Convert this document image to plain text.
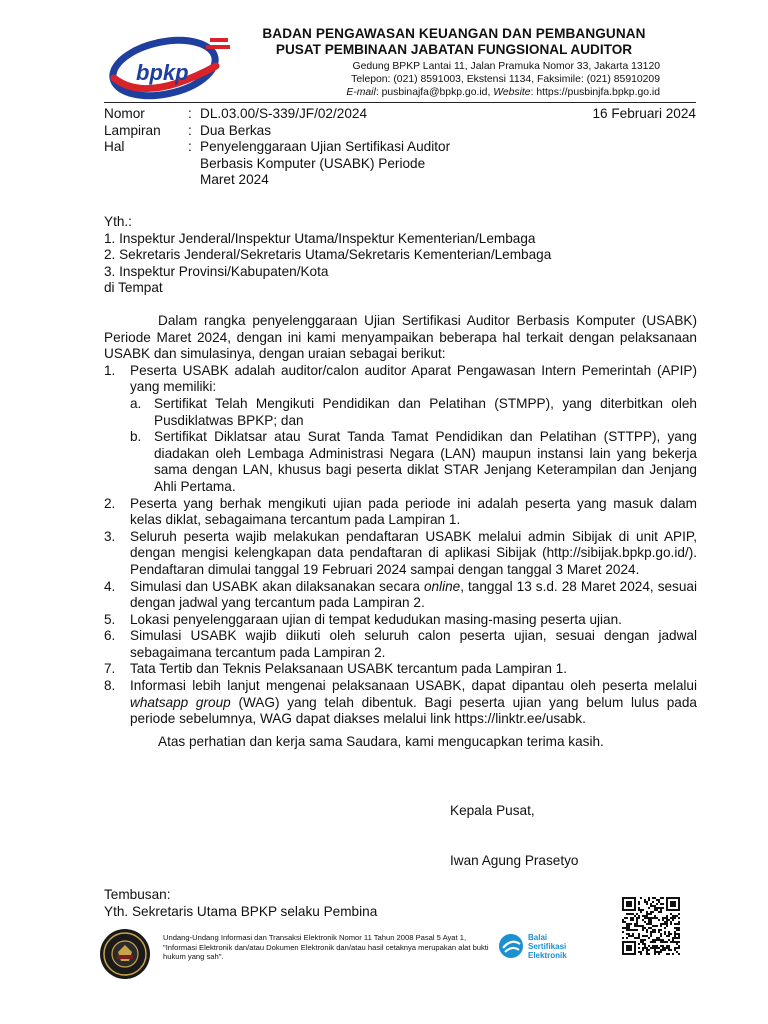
bpkp
BADAN PENGAWASAN KEUANGAN DAN PEMBANGUNAN
PUSAT PEMBINAAN JABATAN FUNGSIONAL AUDITOR
Gedung BPKP Lantai 11, Jalan Pramuka Nomor 33, Jakarta 13120
Telepon: (021) 8591003, Ekstensi 1134, Faksimile: (021) 85910209
E-mail: pusbinajfa@bpkp.go.id, Website: https://pusbinjfa.bpkp.go.id
Nomor	: DL.03.00/S-339/JF/02/2024
Lampiran	: Dua Berkas
Hal	: Penyelenggaraan Ujian Sertifikasi Auditor
Berbasis Komputer (USABK) Periode
Maret 2024
16 Februari 2024
Yth.:
1. Inspektur Jenderal/Inspektur Utama/Inspektur Kementerian/Lembaga
2. Sekretaris Jenderal/Sekretaris Utama/Sekretaris Kementerian/Lembaga
3. Inspektur Provinsi/Kabupaten/Kota
di Tempat
Dalam rangka penyelenggaraan Ujian Sertifikasi Auditor Berbasis Komputer (USABK) Periode Maret 2024, dengan ini kami menyampaikan beberapa hal terkait dengan pelaksanaan USABK dan simulasinya, dengan uraian sebagai berikut:
1.	Peserta USABK adalah auditor/calon auditor Aparat Pengawasan Intern Pemerintah (APIP) yang memiliki:
a. Sertifikat Telah Mengikuti Pendidikan dan Pelatihan (STMPP), yang diterbitkan oleh Pusdiklatwas BPKP; dan
b. Sertifikat Diklatsar atau Surat Tanda Tamat Pendidikan dan Pelatihan (STTPP), yang diadakan oleh Lembaga Administrasi Negara (LAN) maupun instansi lain yang bekerja sama dengan LAN, khusus bagi peserta diklat STAR Jenjang Keterampilan dan Jenjang Ahli Pertama.
2.	Peserta yang berhak mengikuti ujian pada periode ini adalah peserta yang masuk dalam kelas diklat, sebagaimana tercantum pada Lampiran 1.
3.	Seluruh peserta wajib melakukan pendaftaran USABK melalui admin Sibijak di unit APIP, dengan mengisi kelengkapan data pendaftaran di aplikasi Sibijak (http://sibijak.bpkp.go.id/). Pendaftaran dimulai tanggal 19 Februari 2024 sampai dengan tanggal 3 Maret 2024.
4.	Simulasi dan USABK akan dilaksanakan secara online, tanggal 13 s.d. 28 Maret 2024, sesuai dengan jadwal yang tercantum pada Lampiran 2.
5.	Lokasi penyelenggaraan ujian di tempat kedudukan masing-masing peserta ujian.
6.	Simulasi USABK wajib diikuti oleh seluruh calon peserta ujian, sesuai dengan jadwal sebagaimana tercantum pada Lampiran 2.
7.	Tata Tertib dan Teknis Pelaksanaan USABK tercantum pada Lampiran 1.
8.	Informasi lebih lanjut mengenai pelaksanaan USABK, dapat dipantau oleh peserta melalui whatsapp group (WAG) yang telah dibentuk. Bagi peserta ujian yang belum lulus pada periode sebelumnya, WAG dapat diakses melalui link https://linktr.ee/usabk.
Atas perhatian dan kerja sama Saudara, kami mengucapkan terima kasih.
Kepala Pusat,
Iwan Agung Prasetyo
Tembusan:
Yth. Sekretaris Utama BPKP selaku Pembina
Undang-Undang Informasi dan Transaksi Elektronik Nomor 11 Tahun 2008 Pasal 5 Ayat 1, "Informasi Elektronik dan/atau Dokumen Elektronik dan/atau hasil cetaknya merupakan alat bukti hukum yang sah".
Balai
Sertifikasi
Elektronik
